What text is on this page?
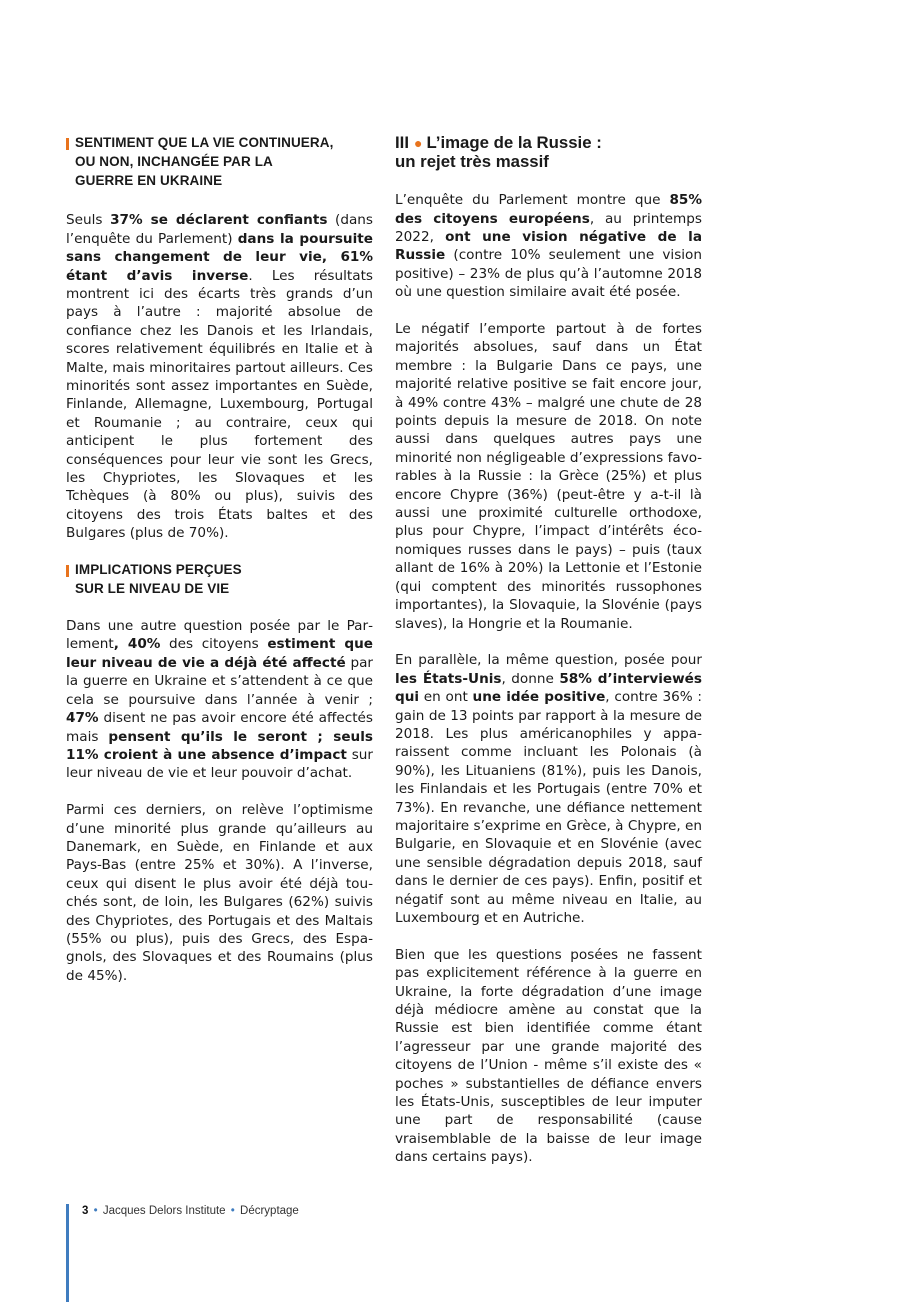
SENTIMENT QUE LA VIE CONTINUERA,
OU NON, INCHANGÉE PAR LA
GUERRE EN UKRAINE

Seuls 37% se déclarent confiants (dans l’enquête du Parlement) dans la poursuite sans changement de leur vie, 61% étant d’avis inverse. Les résultats montrent ici des écarts très grands d’un pays à l’autre : majorité absolue de confiance chez les Danois et les Irlandais, scores relativement équilibrés en Italie et à Malte, mais minoritaires partout ailleurs. Ces minorités sont assez importantes en Suède, Finlande, Allemagne, Luxembourg, Portugal et Roumanie ; au contraire, ceux qui anticipent le plus fortement des conséquences pour leur vie sont les Grecs, les Chypriotes, les Slovaques et les Tchèques (à 80% ou plus), suivis des citoyens des trois États baltes et des Bulgares (plus de 70%).

IMPLICATIONS PERÇUES
SUR LE NIVEAU DE VIE

Dans une autre question posée par le Parlement, 40% des citoyens estiment que leur niveau de vie a déjà été affecté par la guerre en Ukraine et s’attendent à ce que cela se poursuive dans l’année à venir ; 47% disent ne pas avoir encore été affectés mais pensent qu’ils le seront ; seuls 11% croient à une absence d’impact sur leur niveau de vie et leur pouvoir d’achat.

Parmi ces derniers, on relève l’optimisme d’une minorité plus grande qu’ailleurs au Danemark, en Suède, en Finlande et aux Pays-Bas (entre 25% et 30%). A l’inverse, ceux qui disent le plus avoir été déjà touchés sont, de loin, les Bulgares (62%) suivis des Chypriotes, des Portugais et des Maltais (55% ou plus), puis des Grecs, des Espagnols, des Slovaques et des Roumains (plus de 45%).

III ● L’image de la Russie :
un rejet très massif

L’enquête du Parlement montre que 85% des citoyens européens, au printemps 2022, ont une vision négative de la Russie (contre 10% seulement une vision positive) – 23% de plus qu’à l’automne 2018 où une question similaire avait été posée.

Le négatif l’emporte partout à de fortes majorités absolues, sauf dans un État membre : la Bulgarie Dans ce pays, une majorité relative positive se fait encore jour, à 49% contre 43% – malgré une chute de 28 points depuis la mesure de 2018. On note aussi dans quelques autres pays une minorité non négligeable d’expressions favorables à la Russie : la Grèce (25%) et plus encore Chypre (36%) (peut-être y a-t-il là aussi une proximité culturelle orthodoxe, plus pour Chypre, l’impact d’intérêts économiques russes dans le pays) – puis (taux allant de 16% à 20%) la Lettonie et l’Estonie (qui comptent des minorités russophones importantes), la Slovaquie, la Slovénie (pays slaves), la Hongrie et la Roumanie.

En parallèle, la même question, posée pour les États-Unis, donne 58% d’interviewés qui en ont une idée positive, contre 36% : gain de 13 points par rapport à la mesure de 2018. Les plus américanophiles y apparaissent comme incluant les Polonais (à 90%), les Lituaniens (81%), puis les Danois, les Finlandais et les Portugais (entre 70% et 73%). En revanche, une défiance nettement majoritaire s’exprime en Grèce, à Chypre, en Bulgarie, en Slovaquie et en Slovénie (avec une sensible dégradation depuis 2018, sauf dans le dernier de ces pays). Enfin, positif et négatif sont au même niveau en Italie, au Luxembourg et en Autriche.

Bien que les questions posées ne fassent pas explicitement référence à la guerre en Ukraine, la forte dégradation d’une image déjà médiocre amène au constat que la Russie est bien identifiée comme étant l’agresseur par une grande majorité des citoyens de l’Union - même s’il existe des « poches » substantielles de défiance envers les États-Unis, susceptibles de leur imputer une part de responsabilité (cause vraisemblable de la baisse de leur image dans certains pays).

3 • Jacques Delors Institute • Décryptage
